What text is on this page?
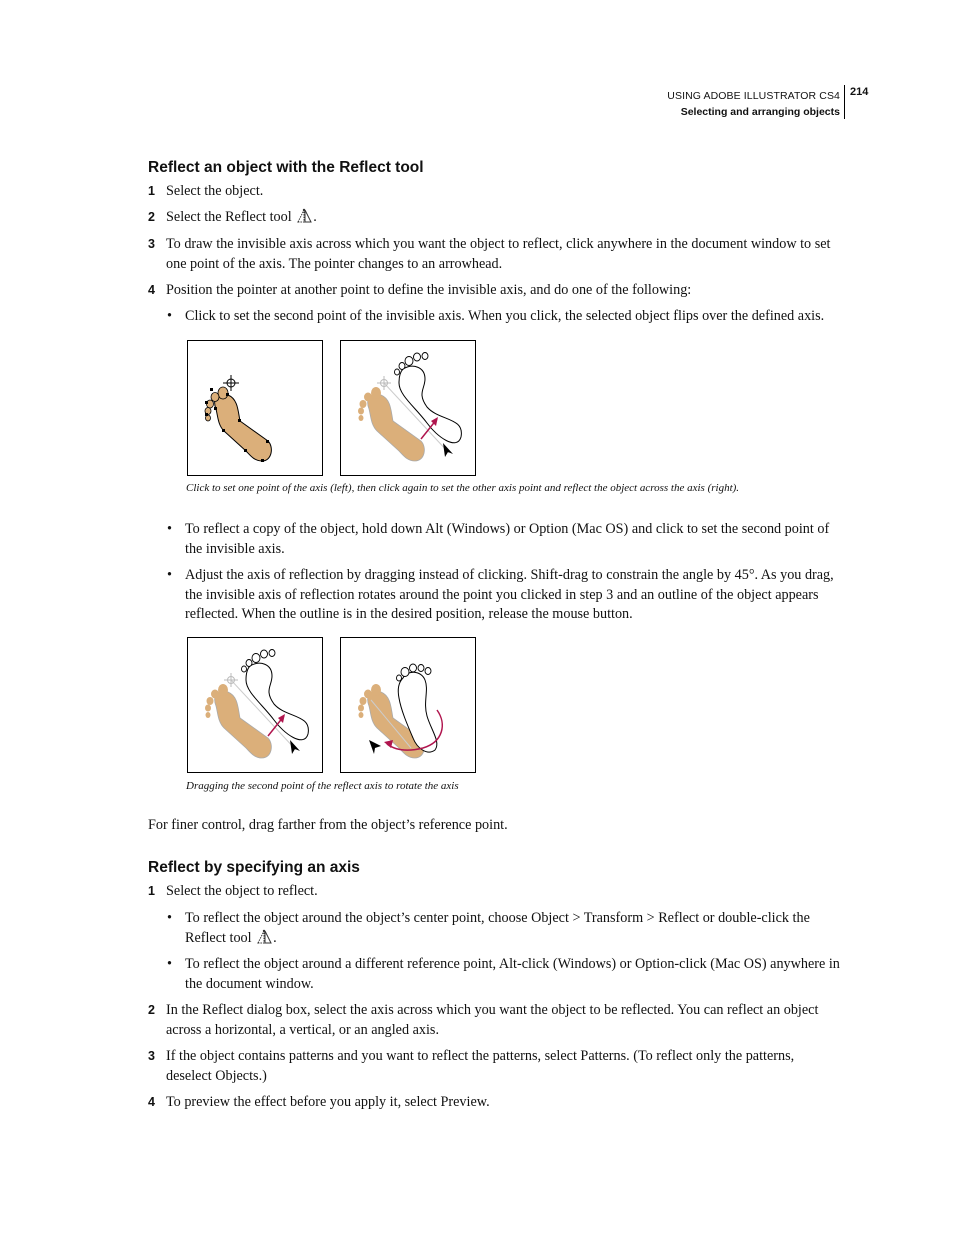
USING ADOBE ILLUSTRATOR CS4
Selecting and arranging objects
214
Reflect an object with the Reflect tool
1 Select the object.
2 Select the Reflect tool .
3 To draw the invisible axis across which you want the object to reflect, click anywhere in the document window to set one point of the axis. The pointer changes to an arrowhead.
4 Position the pointer at another point to define the invisible axis, and do one of the following:
• Click to set the second point of the invisible axis. When you click, the selected object flips over the defined axis.
Click to set one point of the axis (left), then click again to set the other axis point and reflect the object across the axis (right).
• To reflect a copy of the object, hold down Alt (Windows) or Option (Mac OS) and click to set the second point of the invisible axis.
• Adjust the axis of reflection by dragging instead of clicking. Shift-drag to constrain the angle by 45°. As you drag, the invisible axis of reflection rotates around the point you clicked in step 3 and an outline of the object appears reflected. When the outline is in the desired position, release the mouse button.
Dragging the second point of the reflect axis to rotate the axis
For finer control, drag farther from the object’s reference point.
Reflect by specifying an axis
1 Select the object to reflect.
• To reflect the object around the object’s center point, choose Object > Transform > Reflect or double-click the Reflect tool .
• To reflect the object around a different reference point, Alt-click (Windows) or Option-click (Mac OS) anywhere in the document window.
2 In the Reflect dialog box, select the axis across which you want the object to be reflected. You can reflect an object across a horizontal, a vertical, or an angled axis.
3 If the object contains patterns and you want to reflect the patterns, select Patterns. (To reflect only the patterns, deselect Objects.)
4 To preview the effect before you apply it, select Preview.
